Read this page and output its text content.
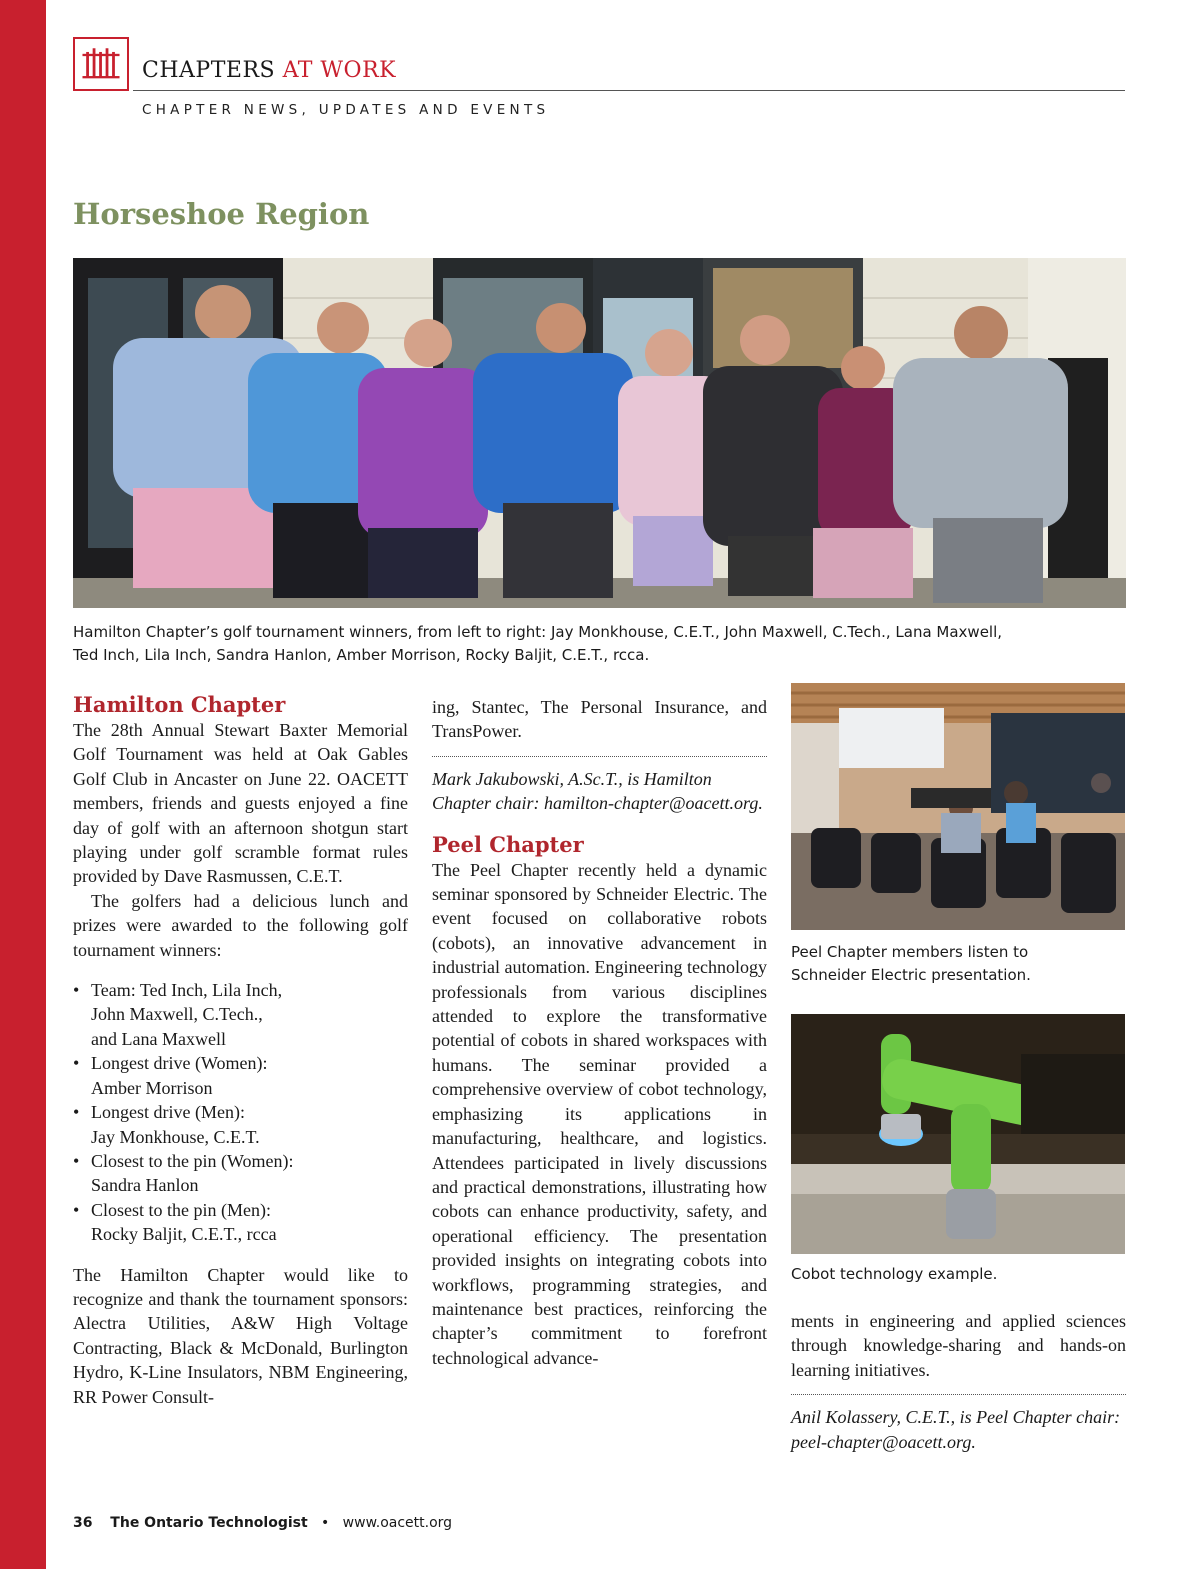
CHAPTERS AT WORK
CHAPTER NEWS, UPDATES AND EVENTS
Horseshoe Region
Hamilton Chapter’s golf tournament winners, from left to right: Jay Monkhouse, C.E.T., John Maxwell, C.Tech., Lana Maxwell,
Ted Inch, Lila Inch, Sandra Hanlon, Amber Morrison, Rocky Baljit, C.E.T., rcca.
Hamilton Chapter

The 28th Annual Stewart Baxter Memorial Golf Tournament was held at Oak Gables Golf Club in Ancaster on June 22. OACETT members, friends and guests enjoyed a fine day of golf with an afternoon shotgun start playing under golf scramble format rules provided by Dave Rasmussen, C.E.T.

The golfers had a delicious lunch and prizes were awarded to the following golf tournament winners:

• Team: Ted Inch, Lila Inch,
John Maxwell, C.Tech.,
and Lana Maxwell
• Longest drive (Women):
Amber Morrison
• Longest drive (Men):
Jay Monkhouse, C.E.T.
• Closest to the pin (Women):
Sandra Hanlon
• Closest to the pin (Men):
Rocky Baljit, C.E.T., rcca

The Hamilton Chapter would like to recognize and thank the tournament sponsors: Alectra Utilities, A&W High Voltage Contracting, Black & McDonald, Burlington Hydro, K-Line Insulators, NBM Engineering, RR Power Consult-

ing, Stantec, The Personal Insurance, and TransPower.

Mark Jakubowski, A.Sc.T., is Hamilton Chapter chair: hamilton-chapter@oacett.org.

Peel Chapter

The Peel Chapter recently held a dynamic seminar sponsored by Schneider Electric. The event focused on collaborative robots (cobots), an innovative advancement in industrial automation. Engineering technology professionals from various disciplines attended to explore the transformative potential of cobots in shared workspaces with humans. The seminar provided a comprehensive overview of cobot technology, emphasizing its applications in manufacturing, healthcare, and logistics. Attendees participated in lively discussions and practical demonstrations, illustrating how cobots can enhance productivity, safety, and operational efficiency. The presentation provided insights on integrating cobots into workflows, programming strategies, and maintenance best practices, reinforcing the chapter’s commitment to forefront technological advance-

Peel Chapter members listen to
Schneider Electric presentation.
Cobot technology example.

ments in engineering and applied sciences through knowledge-sharing and hands-on learning initiatives.

Anil Kolassery, C.E.T., is Peel Chapter chair: peel-chapter@oacett.org.

36 The Ontario Technologist • www.oacett.org
